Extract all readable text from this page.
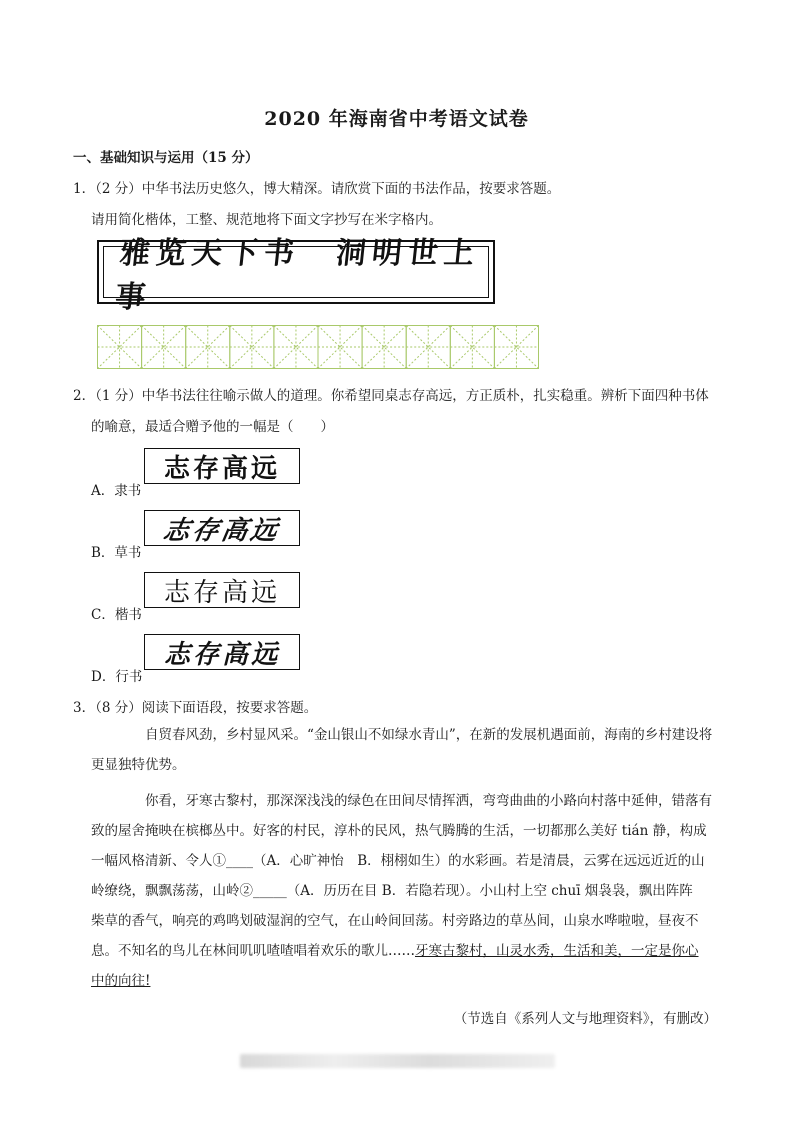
2020 年海南省中考语文试卷
一、基础知识与运用（15 分）
1．（2 分）中华书法历史悠久，博大精深。请欣赏下面的书法作品，按要求答题。
请用简化楷体，工整、规范地将下面文字抄写在米字格内。
雅览天下书　洞明世上事
2．（1 分）中华书法往往喻示做人的道理。你希望同桌志存高远，方正质朴，扎实稳重。辨析下面四种书体
的喻意，最适合赠予他的一幅是（　　）
志存高远
A．隶书
志存高远
B．草书
志存高远
C．楷书
志存高远
D．行书
3．（8 分）阅读下面语段，按要求答题。
自贸春风劲，乡村显风采。“金山银山不如绿水青山”，在新的发展机遇面前，海南的乡村建设将
更显独特优势。
你看，牙寒古黎村，那深深浅浅的绿色在田间尽情挥洒，弯弯曲曲的小路向村落中延伸，错落有
致的屋舍掩映在槟榔丛中。好客的村民，淳朴的民风，热气腾腾的生活，一切都那么美好 tián 静，构成
一幅风格清新、令人①____（A．心旷神怡　B．栩栩如生）的水彩画。若是清晨，云雾在远远近近的山
岭缭绕，飘飘荡荡，山岭②_____（A．历历在目 B．若隐若现）。小山村上空 chuī 烟袅袅，飘出阵阵
柴草的香气，响亮的鸡鸣划破湿润的空气，在山岭间回荡。村旁路边的草丛间，山泉水哗啦啦，昼夜不
息。不知名的鸟儿在林间叽叽喳喳唱着欢乐的歌儿……牙寒古黎村，山灵水秀，生活和美，一定是你心
中的向往!
（节选自《系列人文与地理资料》，有删改）
